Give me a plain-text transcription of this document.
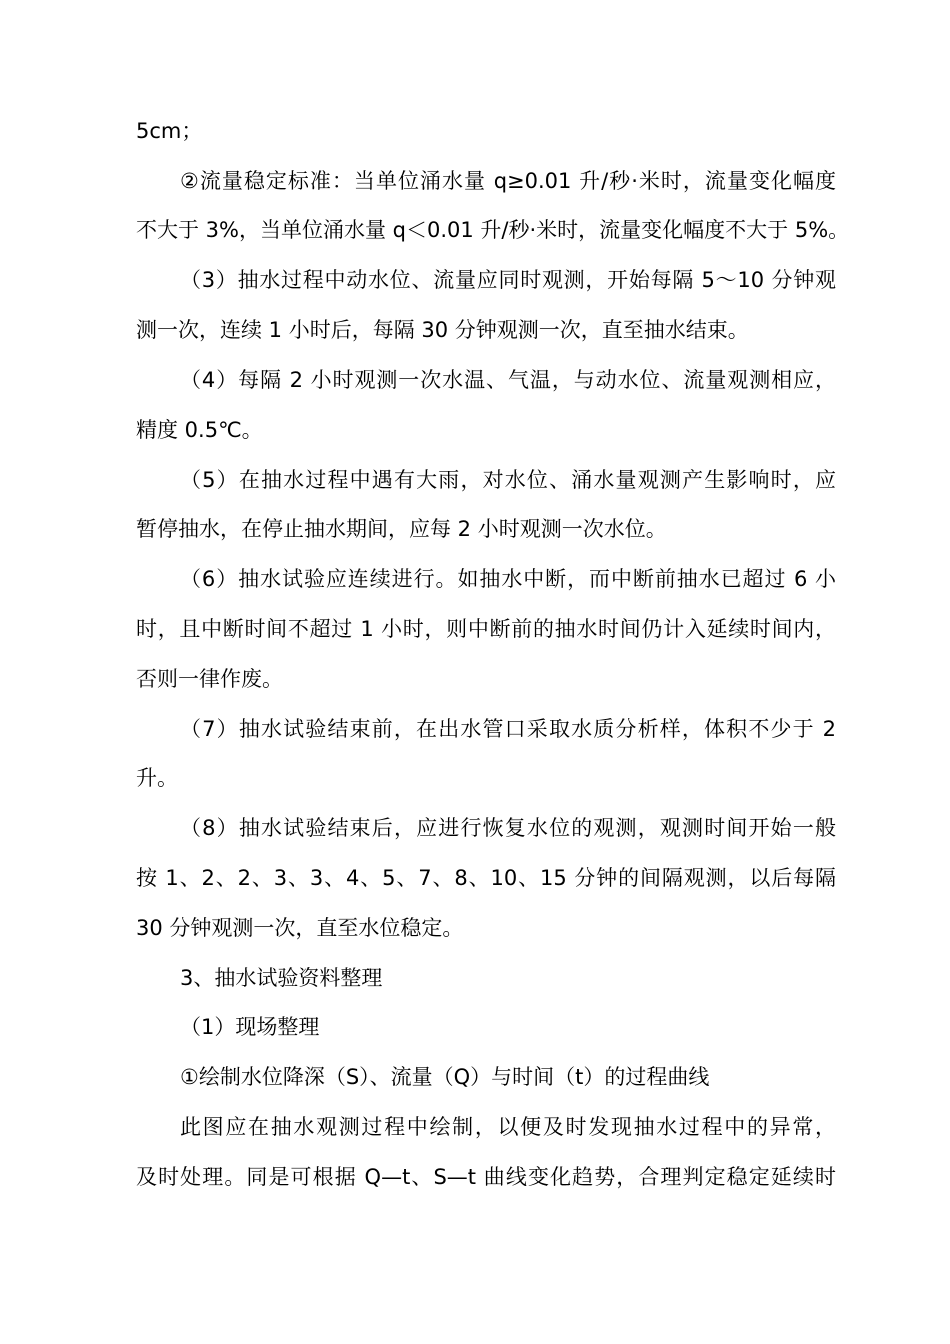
5cm；

②流量稳定标准：当单位涌水量 q≥0.01 升/秒·米时，流量变化幅度

不大于 3%，当单位涌水量 q＜0.01 升/秒·米时，流量变化幅度不大于 5%。

（3）抽水过程中动水位、流量应同时观测，开始每隔 5～10 分钟观

测一次，连续 1 小时后，每隔 30 分钟观测一次，直至抽水结束。

（4）每隔 2 小时观测一次水温、气温，与动水位、流量观测相应，

精度 0.5℃。

（5）在抽水过程中遇有大雨，对水位、涌水量观测产生影响时，应

暂停抽水，在停止抽水期间，应每 2 小时观测一次水位。

（6）抽水试验应连续进行。如抽水中断，而中断前抽水已超过 6 小

时，且中断时间不超过 1 小时，则中断前的抽水时间仍计入延续时间内，

否则一律作废。

（7）抽水试验结束前，在出水管口采取水质分析样，体积不少于 2

升。

（8）抽水试验结束后，应进行恢复水位的观测，观测时间开始一般

按 1、2、2、3、3、4、5、7、8、10、15 分钟的间隔观测，以后每隔

30 分钟观测一次，直至水位稳定。

3、抽水试验资料整理

（1）现场整理

①绘制水位降深（S）、流量（Q）与时间（t）的过程曲线

此图应在抽水观测过程中绘制，以便及时发现抽水过程中的异常，

及时处理。同是可根据 Q—t、S—t 曲线变化趋势，合理判定稳定延续时
